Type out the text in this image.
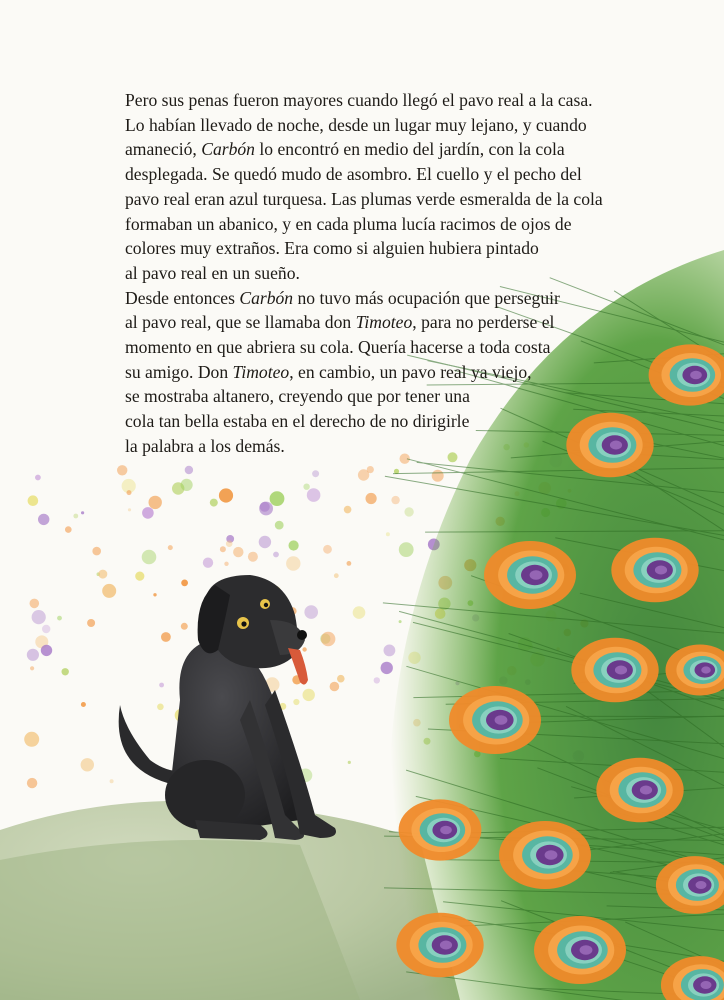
Pero sus penas fueron mayores cuando llegó el pavo real a la casa.
Lo habían llevado de noche, desde un lugar muy lejano, y cuando
amaneció, Carbón lo encontró en medio del jardín, con la cola
desplegada. Se quedó mudo de asombro. El cuello y el pecho del
pavo real eran azul turquesa. Las plumas verde esmeralda de la cola
formaban un abanico, y en cada pluma lucía racimos de ojos de
colores muy extraños. Era como si alguien hubiera pintado
al pavo real en un sueño.
Desde entonces Carbón no tuvo más ocupación que perseguir
al pavo real, que se llamaba don Timoteo, para no perderse el
momento en que abriera su cola. Quería hacerse a toda costa
su amigo. Don Timoteo, en cambio, un pavo real ya viejo,
se mostraba altanero, creyendo que por tener una
cola tan bella estaba en el derecho de no dirigirle
la palabra a los demás.
